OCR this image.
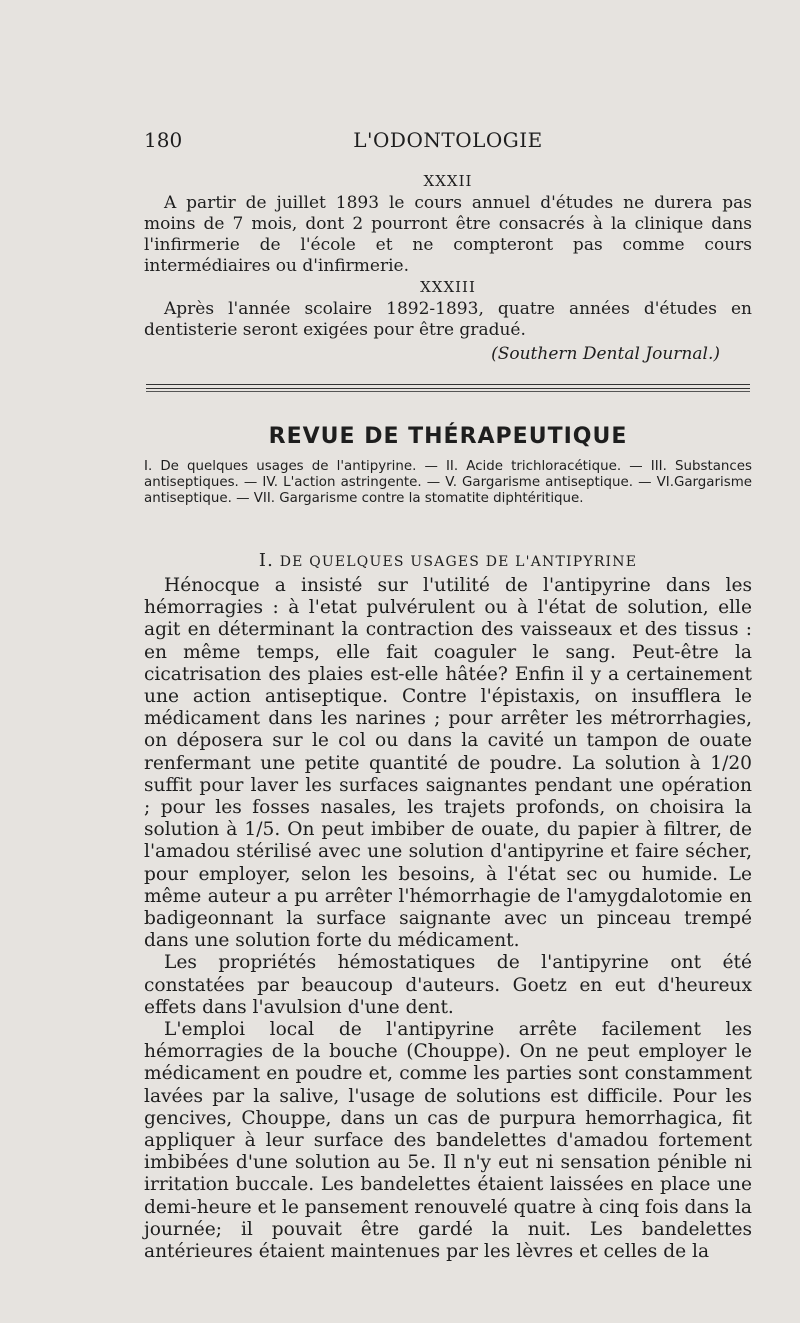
180	L'ODONTOLOGIE
XXXII

A partir de juillet 1893 le cours annuel d'études ne durera pas moins de 7 mois, dont 2 pourront être consacrés à la clinique dans l'infirmerie de l'école et ne compteront pas comme cours intermédiaires ou d'infirmerie.

XXXIII

Après l'année scolaire 1892-1893, quatre années d'études en dentisterie seront exigées pour être gradué.

(Southern Dental Journal.)
REVUE DE THÉRAPEUTIQUE
I. De quelques usages de l'antipyrine. — II. Acide trichloracétique. — III. Substances antiseptiques. — IV. L'action astringente. — V. Gargarisme antiseptique. — VI.Gargarisme antiseptique. — VII. Gargarisme contre la stomatite diphtéritique.
I. DE QUELQUES USAGES DE L'ANTIPYRINE

Hénocque a insisté sur l'utilité de l'antipyrine dans les hémorragies : à l'etat pulvérulent ou à l'état de solution, elle agit en déterminant la contraction des vaisseaux et des tissus : en même temps, elle fait coaguler le sang. Peut-être la cicatrisation des plaies est-elle hâtée? Enfin il y a certainement une action antiseptique. Contre l'épistaxis, on insufflera le médicament dans les narines ; pour arrêter les métrorrhagies, on déposera sur le col ou dans la cavité un tampon de ouate renfermant une petite quantité de poudre. La solution à 1/20 suffit pour laver les surfaces saignantes pendant une opération ; pour les fosses nasales, les trajets profonds, on choisira la solution à 1/5. On peut imbiber de ouate, du papier à filtrer, de l'amadou stérilisé avec une solution d'antipyrine et faire sécher, pour employer, selon les besoins, à l'état sec ou humide. Le même auteur a pu arrêter l'hémorrhagie de l'amygdalotomie en badigeonnant la surface saignante avec un pinceau trempé dans une solution forte du médicament.

Les propriétés hémostatiques de l'antipyrine ont été constatées par beaucoup d'auteurs. Goetz en eut d'heureux effets dans l'avulsion d'une dent.

L'emploi local de l'antipyrine arrête facilement les hémorragies de la bouche (Chouppe). On ne peut employer le médicament en poudre et, comme les parties sont constamment lavées par la salive, l'usage de solutions est difficile. Pour les gencives, Chouppe, dans un cas de purpura hemorrhagica, fit appliquer à leur surface des bandelettes d'amadou fortement imbibées d'une solution au 5e. Il n'y eut ni sensation pénible ni irritation buccale. Les bandelettes étaient laissées en place une demi-heure et le pansement renouvelé quatre à cinq fois dans la journée; il pouvait être gardé la nuit. Les bandelettes antérieures étaient maintenues par les lèvres et celles de la
